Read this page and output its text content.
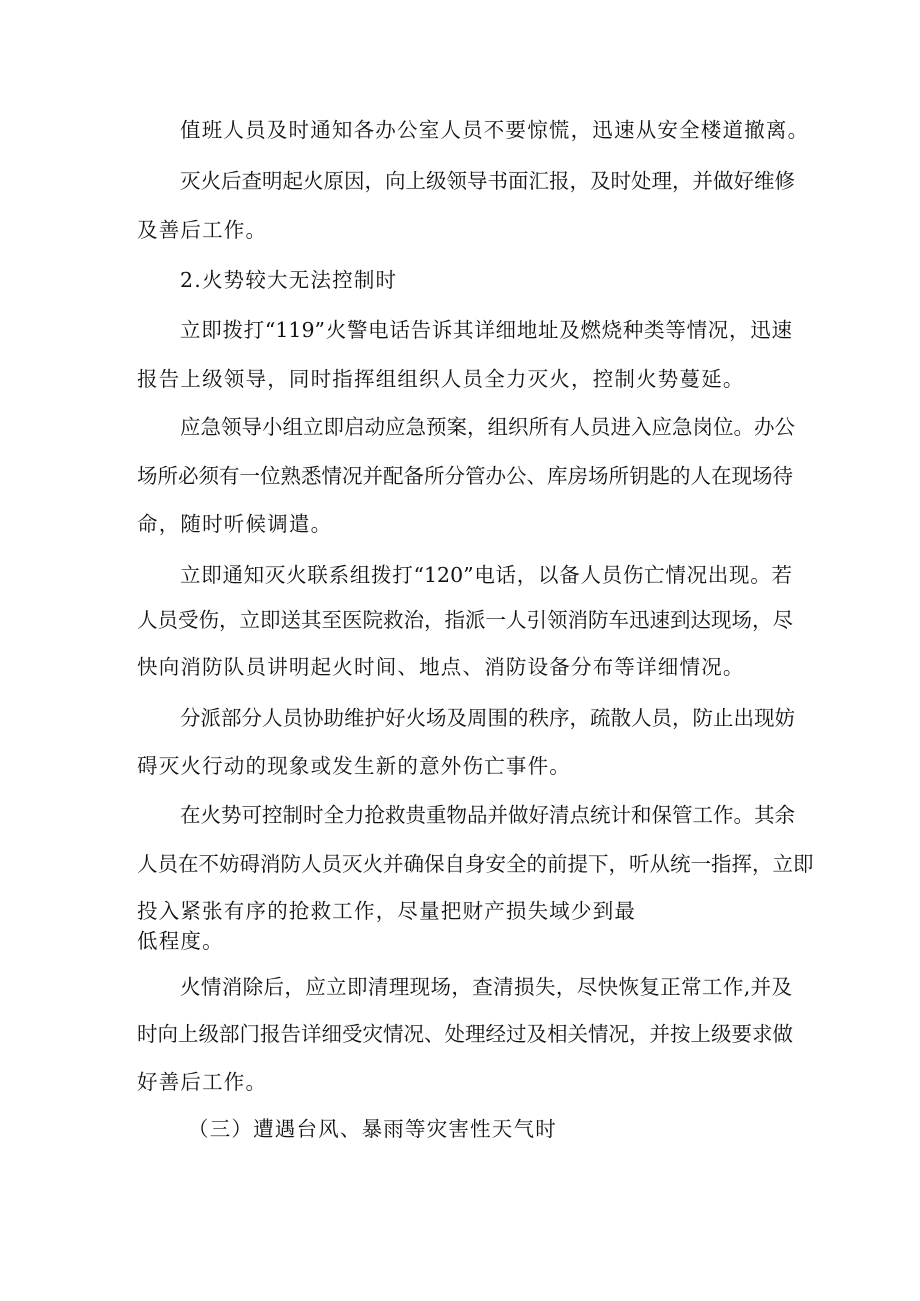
值班人员及时通知各办公室人员不要惊慌，迅速从安全楼道撤离。
灭火后查明起火原因，向上级领导书面汇报，及时处理，并做好维修
及善后工作。
2.火势较大无法控制时
立即拨打“119”火警电话告诉其详细地址及燃烧种类等情况，迅速
报告上级领导，同时指挥组组织人员全力灭火，控制火势蔓延。
应急领导小组立即启动应急预案，组织所有人员进入应急岗位。办公
场所必须有一位熟悉情况并配备所分管办公、库房场所钥匙的人在现场待
命，随时听候调遣。
立即通知灭火联系组拨打“120”电话，以备人员伤亡情况出现。若
人员受伤，立即送其至医院救治，指派一人引领消防车迅速到达现场，尽
快向消防队员讲明起火时间、地点、消防设备分布等详细情况。
分派部分人员协助维护好火场及周围的秩序，疏散人员，防止出现妨
碍灭火行动的现象或发生新的意外伤亡事件。
在火势可控制时全力抢救贵重物品并做好清点统计和保管工作。其余
人员在不妨碍消防人员灭火并确保自身安全的前提下，听从统一指挥，立即
投入紧张有序的抢救工作，尽量把财产损失域少到最
低程度。
火情消除后，应立即清理现场，查清损失，尽快恢复正常工作,并及
时向上级部门报告详细受灾情况、处理经过及相关情况，并按上级要求做
好善后工作。
（三）遭遇台风、暴雨等灾害性天气时
